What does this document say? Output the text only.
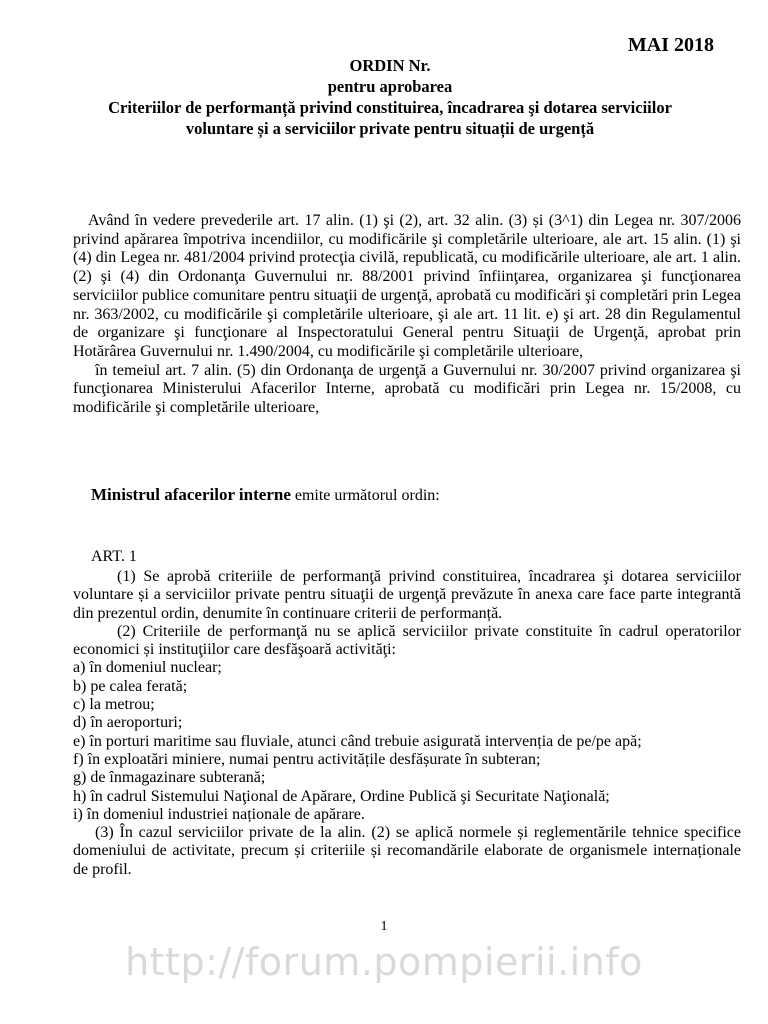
MAI 2018
ORDIN Nr.
pentru aprobarea
Criteriilor de performanță privind constituirea, încadrarea şi dotarea serviciilor
voluntare și a serviciilor private pentru situații de urgență

Având în vedere prevederile art. 17 alin. (1) şi (2), art. 32 alin. (3) și (3^1) din Legea nr. 307/2006 privind apărarea împotriva incendiilor, cu modificările şi completările ulterioare, ale art. 15 alin. (1) şi (4) din Legea nr. 481/2004 privind protecţia civilă, republicată, cu modificările ulterioare, ale art. 1 alin. (2) şi (4) din Ordonanţa Guvernului nr. 88/2001 privind înfiinţarea, organizarea şi funcţionarea serviciilor publice comunitare pentru situaţii de urgenţă, aprobată cu modificări şi completări prin Legea nr. 363/2002, cu modificările şi completările ulterioare, şi ale art. 11 lit. e) şi art. 28 din Regulamentul de organizare şi funcţionare al Inspectoratului General pentru Situaţii de Urgenţă, aprobat prin Hotărârea Guvernului nr. 1.490/2004, cu modificările şi completările ulterioare,

în temeiul art. 7 alin. (5) din Ordonanţa de urgenţă a Guvernului nr. 30/2007 privind organizarea şi funcţionarea Ministerului Afacerilor Interne, aprobată cu modificări prin Legea nr. 15/2008, cu modificările şi completările ulterioare,

Ministrul afacerilor interne emite următorul ordin:
ART. 1

(1) Se aprobă criteriile de performanţă privind constituirea, încadrarea şi dotarea serviciilor voluntare și a serviciilor private pentru situaţii de urgenţă prevăzute în anexa care face parte integrantă din prezentul ordin, denumite în continuare criterii de performanță.

(2) Criteriile de performanţă nu se aplică serviciilor private constituite în cadrul operatorilor economici și instituţiilor care desfăşoară activităţi:

a) în domeniul nuclear;

b) pe calea ferată;

c) la metrou;

d) în aeroporturi;

e) în porturi maritime sau fluviale, atunci când trebuie asigurată intervenția de pe/pe apă;

f) în exploatări miniere, numai pentru activitățile desfășurate în subteran;

g) de înmagazinare subterană;

h) în cadrul Sistemului Naţional de Apărare, Ordine Publică şi Securitate Naţională;

i) în domeniul industriei naționale de apărare.

(3) În cazul serviciilor private de la alin. (2) se aplică normele și reglementările tehnice specifice domeniului de activitate, precum și criteriile și recomandările elaborate de organismele internaționale de profil.

1
http://forum.pompierii.info
